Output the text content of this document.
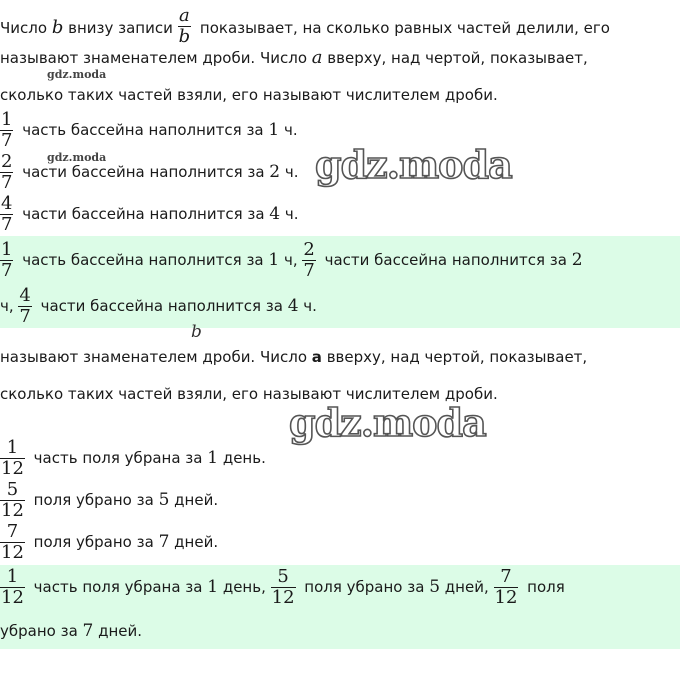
Число b внизу записи $\frac{a}{b}$ показывает, на сколько равных частей делили, его
называют знаменателем дроби. Число a вверху, над чертой, показывает,
gdz.moda
сколько таких частей взяли, его называют числителем дроби.
$\frac{1}{7}$ часть бассейна наполнится за 1 ч.
gdz.moda
$\frac{2}{7}$ части бассейна наполнится за 2 ч. gdz.moda
$\frac{4}{7}$ части бассейна наполнится за 4 ч.
$\frac{1}{7}$ часть бассейна наполнится за 1 ч, $\frac{2}{7}$ части бассейна наполнится за 2
ч, $\frac{4}{7}$ части бассейна наполнится за 4 ч.
b
называют знаменателем дроби. Число a вверху, над чертой, показывает,
сколько таких частей взяли, его называют числителем дроби.
gdz.moda
$\frac{1}{12}$ часть поля убрана за 1 день.
$\frac{5}{12}$ поля убрано за 5 дней.
$\frac{7}{12}$ поля убрано за 7 дней.
$\frac{1}{12}$ часть поля убрана за 1 день, $\frac{5}{12}$ поля убрано за 5 дней, $\frac{7}{12}$ поля
убрано за 7 дней.
